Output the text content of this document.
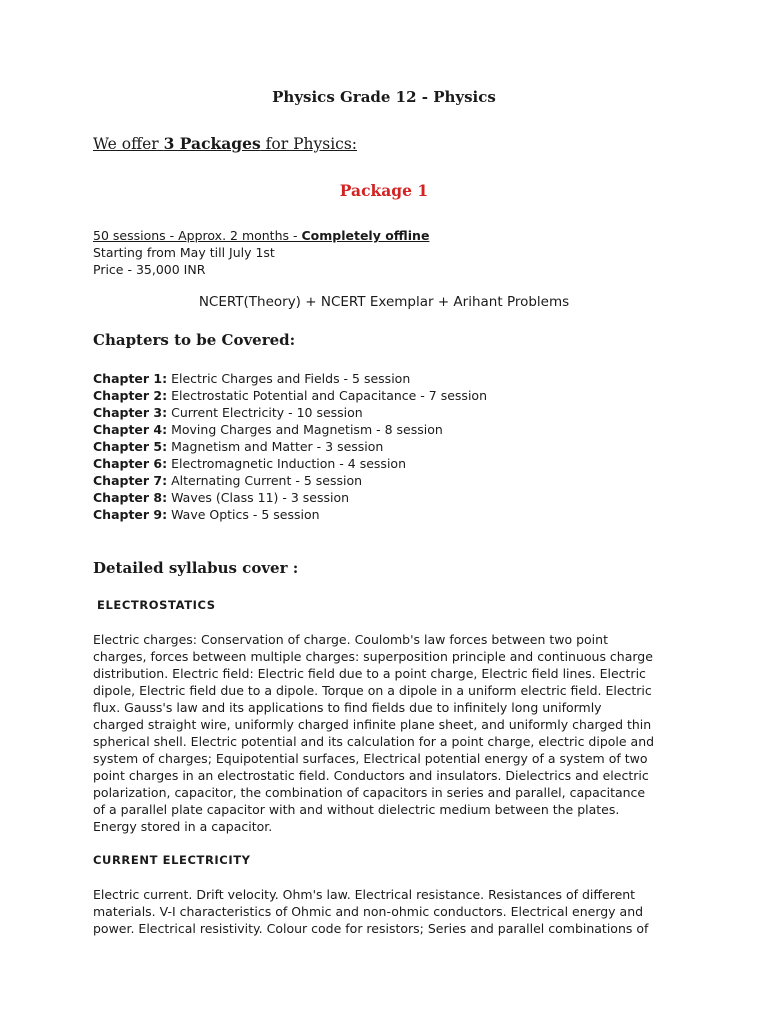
Physics Grade 12 - Physics
We offer 3 Packages for Physics:
Package 1
50 sessions - Approx. 2 months - Completely offline
Starting from May till July 1st
Price - 35,000 INR
NCERT(Theory) + NCERT Exemplar + Arihant Problems
Chapters to be Covered:
Chapter 1: Electric Charges and Fields - 5 session
Chapter 2: Electrostatic Potential and Capacitance - 7 session
Chapter 3: Current Electricity - 10 session
Chapter 4: Moving Charges and Magnetism - 8 session
Chapter 5: Magnetism and Matter - 3 session
Chapter 6: Electromagnetic Induction - 4 session
Chapter 7: Alternating Current - 5 session
Chapter 8: Waves (Class 11) - 3 session
Chapter 9: Wave Optics - 5 session
Detailed syllabus cover :
ELECTROSTATICS
Electric charges: Conservation of charge. Coulomb's law forces between two point
charges, forces between multiple charges: superposition principle and continuous charge
distribution. Electric field: Electric field due to a point charge, Electric field lines. Electric
dipole, Electric field due to a dipole. Torque on a dipole in a uniform electric field. Electric
flux. Gauss's law and its applications to find fields due to infinitely long uniformly
charged straight wire, uniformly charged infinite plane sheet, and uniformly charged thin
spherical shell. Electric potential and its calculation for a point charge, electric dipole and
system of charges; Equipotential surfaces, Electrical potential energy of a system of two
point charges in an electrostatic field. Conductors and insulators. Dielectrics and electric
polarization, capacitor, the combination of capacitors in series and parallel, capacitance
of a parallel plate capacitor with and without dielectric medium between the plates.
Energy stored in a capacitor.
CURRENT ELECTRICITY
Electric current. Drift velocity. Ohm's law. Electrical resistance. Resistances of different
materials. V-I characteristics of Ohmic and non-ohmic conductors. Electrical energy and
power. Electrical resistivity. Colour code for resistors; Series and parallel combinations of
